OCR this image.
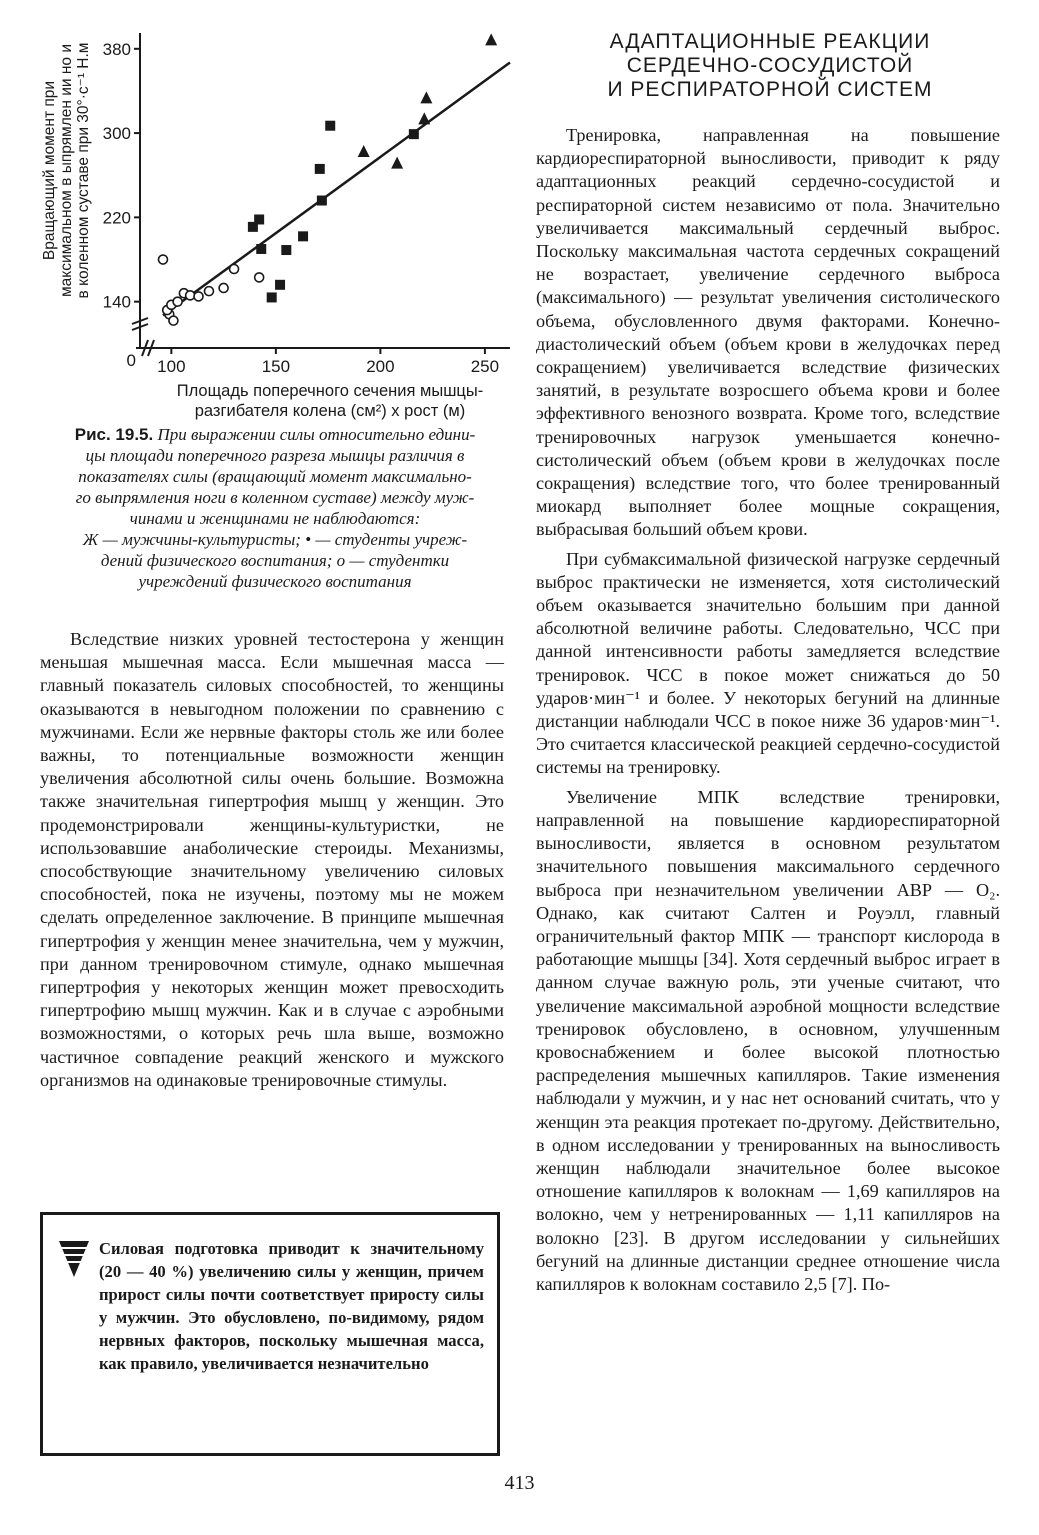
140
220
300
380
100	150	200	250
0
Вращающий момент при максимальном в ыпрямлен ии но и в коленном суставе при 30°·с⁻¹ Н.м
Площадь поперечного сечения мышцы-
разгибателя колена (см²) х рост (м)

Рис. 19.5. При выражении силы относительно едини-

цы площади поперечного разреза мышцы различия в

показателях силы (вращающий момент максимально-

го выпрямления ноги в коленном суставе) между муж-

чинами и женщинами не наблюдаются:

Ж — мужчины-культуристы; • — студенты учреж-

дений физического воспитания; о — студентки

учреждений физического воспитания

Вследствие низких уровней тестостерона у женщин меньшая мышечная масса. Если мышечная масса — главный показатель силовых способностей, то женщины оказываются в невыгодном положении по сравнению с мужчинами. Если же нервные факторы столь же или более важны, то потенциальные возможности женщин увеличения абсолютной силы очень большие. Возможна также значительная гипертрофия мышц у женщин. Это продемонстрировали женщины-культуристки, не использовавшие анаболические стероиды. Механизмы, способствующие значительному увеличению силовых способностей, пока не изучены, поэтому мы не можем сделать определенное заключение. В принципе мышечная гипертрофия у женщин менее значительна, чем у мужчин, при данном тренировочном стимуле, однако мышечная гипертрофия у некоторых женщин может превосходить гипертрофию мышц мужчин. Как и в случае с аэробными возможностями, о которых речь шла выше, возможно частичное совпадение реакций женского и мужского организмов на одинаковые тренировочные стимулы.

Силовая подготовка приводит к значительному (20 — 40 %) увеличению силы у женщин, причем прирост силы почти соответствует приросту силы у мужчин. Это обусловлено, по-видимому, рядом нервных факторов, поскольку мышечная масса, как правило, увеличивается незначительно
АДАПТАЦИОННЫЕ РЕАКЦИИ
СЕРДЕЧНО-СОСУДИСТОЙ
И РЕСПИРАТОРНОЙ СИСТЕМ

Тренировка, направленная на повышение кардиореспираторной выносливости, приводит к ряду адаптационных реакций сердечно-сосудистой и респираторной систем независимо от пола. Значительно увеличивается максимальный сердечный выброс. Поскольку максимальная частота сердечных сокращений не возрастает, увеличение сердечного выброса (максимального) — результат увеличения систолического объема, обусловленного двумя факторами. Конечно-диастолический объем (объем крови в желудочках перед сокращением) увеличивается вследствие физических занятий, в результате возросшего объема крови и более эффективного венозного возврата. Кроме того, вследствие тренировочных нагрузок уменьшается конечно-систолический объем (объем крови в желудочках после сокращения) вследствие того, что более тренированный миокард выполняет более мощные сокращения, выбрасывая больший объем крови.

При субмаксимальной физической нагрузке сердечный выброс практически не изменяется, хотя систолический объем оказывается значительно большим при данной абсолютной величине работы. Следовательно, ЧСС при данной интенсивности работы замедляется вследствие тренировок. ЧСС в покое может снижаться до 50 ударов·мин⁻¹ и более. У некоторых бегуний на длинные дистанции наблюдали ЧСС в покое ниже 36 ударов·мин⁻¹. Это считается классической реакцией сердечно-сосудистой системы на тренировку.

Увеличение МПК вследствие тренировки, направленной на повышение кардиореспираторной выносливости, является в основном результатом значительного повышения максимального сердечного выброса при незначительном увеличении АВР — O₂. Однако, как считают Салтен и Роуэлл, главный ограничительный фактор МПК — транспорт кислорода в работающие мышцы [34]. Хотя сердечный выброс играет в данном случае важную роль, эти ученые считают, что увеличение максимальной аэробной мощности вследствие тренировок обусловлено, в основном, улучшенным кровоснабжением и более высокой плотностью распределения мышечных капилляров. Такие изменения наблюдали у мужчин, и у нас нет оснований считать, что у женщин эта реакция протекает по-другому. Действительно, в одном исследовании у тренированных на выносливость женщин наблюдали значительное более высокое отношение капилляров к волокнам — 1,69 капилляров на волокно, чем у нетренированных — 1,11 капилляров на волокно [23]. В другом исследовании у сильнейших бегуний на длинные дистанции среднее отношение числа капилляров к волокнам составило 2,5 [7]. По-

413
